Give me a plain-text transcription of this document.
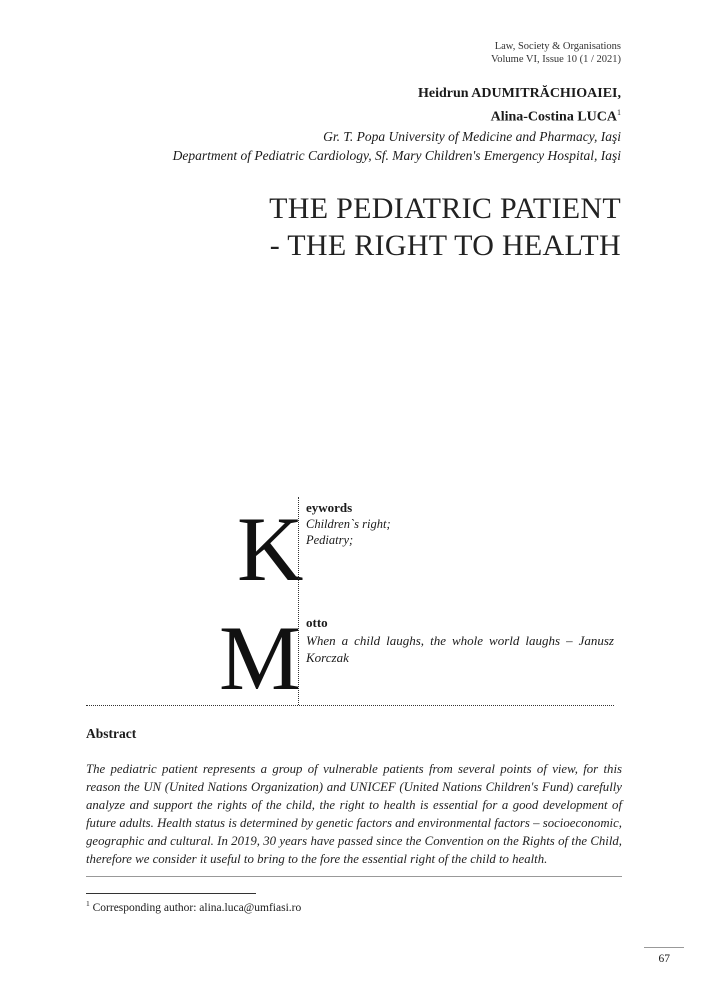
Law, Society & Organisations
Volume VI, Issue 10 (1 / 2021)
Heidrun ADUMITRĂCHIOAIEI,
Alina-Costina LUCA$^1$
Gr. T. Popa University of Medicine and Pharmacy, Iaşi
Department of Pediatric Cardiology, Sf. Mary Children's Emergency Hospital, Iaşi
THE PEDIATRIC PATIENT
- THE RIGHT TO HEALTH
K eywords
Children`s right;
Pediatry;
M otto
When a child laughs, the whole world laughs – Janusz Korczak
Abstract
The pediatric patient represents a group of vulnerable patients from several points of view, for this reason the UN (United Nations Organization) and UNICEF (United Nations Children's Fund) carefully analyze and support the rights of the child, the right to health is essential for a good development of future adults. Health status is determined by genetic factors and environmental factors – socioeconomic, geographic and cultural. In 2019, 30 years have passed since the Convention on the Rights of the Child, therefore we consider it useful to bring to the fore the essential right of the child to health.
$^1$ Corresponding author: alina.luca@umfiasi.ro
67
